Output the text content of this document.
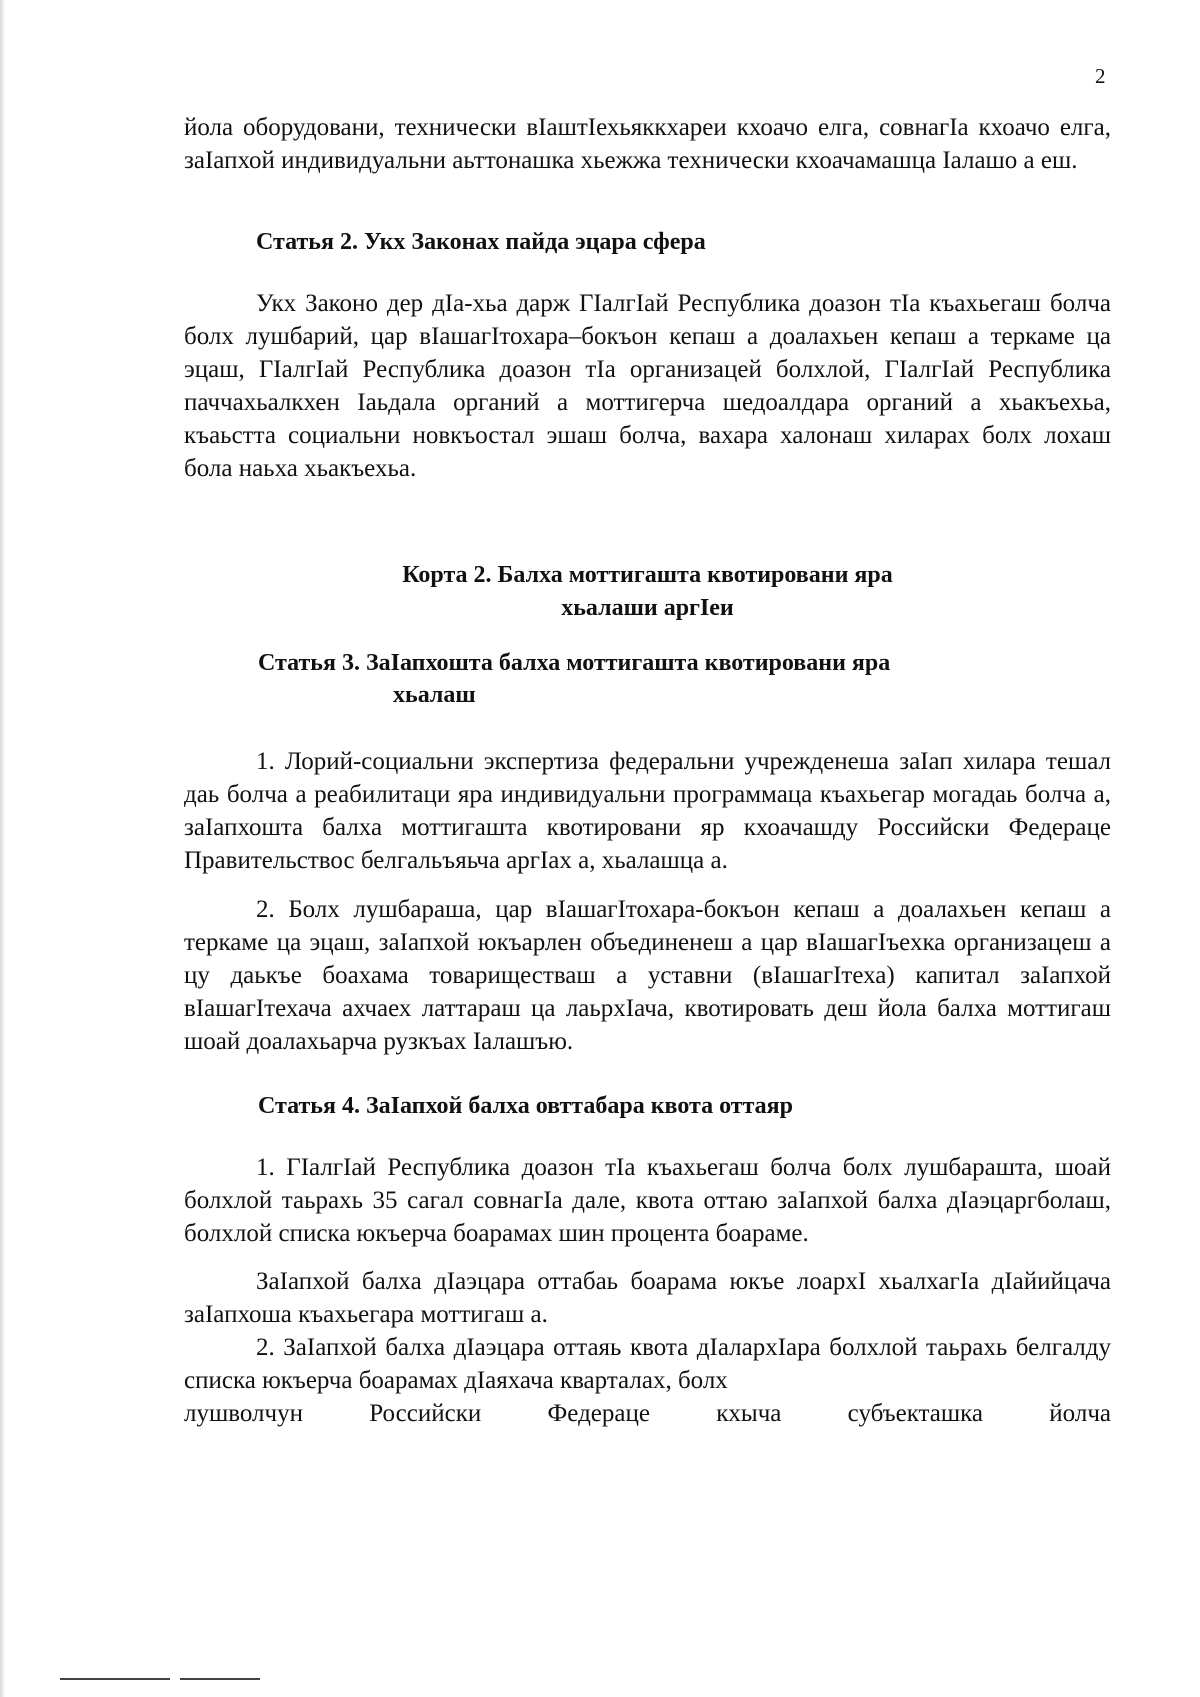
2

йола оборудовани, технически вIаштIехьяккхареи кхоачо елга, совнагIа кхоачо елга, заIапхой индивидуальни аьттонашка хьежжа технически кхоачамашца Iалашо а еш.

Статья 2. Укх Законах пайда эцара сфера

Укх Законо дер дIа-хьа дарж ГIалгIай Республика доазон тIа къахьегаш болча болх лушбарий, цар вIашагIтохара–бокъон кепаш а доалахьен кепаш а теркаме ца эцаш, ГIалгIай Республика доазон тIа организацей болхлой, ГIалгIай Республика паччахьалкхен Iаьдала органий а моттигерча шедоалдара органий а хьакъехьа, къаьстта социальни новкъостал эшаш болча, вахара халонаш хиларах болх лохаш бола наьха хьакъехьа.

Корта 2. Балха моттигашта квотировани яра
хьалаши аргIеи
Статья 3. ЗаIапхошта балха моттигашта квотировани яра
хьалаш

1. Лорий-социальни экспертиза федеральни учрежденеша заIап хилара тешал даь болча а реабилитаци яра индивидуальни программаца къахьегар могадаь болча а, заIапхошта балха моттигашта квотировани яр кхоачашду Российски Федераце Правительствос белгальъяьча аргIах а, хьалашца а.

2. Болх лушбараша, цар вIашагIтохара-бокъон кепаш а доалахьен кепаш а теркаме ца эцаш, заIапхой юкъарлен объединенеш а цар вIашагIъехка организацеш а цу даькъе боахама товариществаш а уставни (вIашагIтеха) капитал заIапхой вIашагIтехача ахчаех латтараш ца лаьрхIача, квотировать деш йола балха моттигаш шоай доалахьарча рузкъах Iалашъю.

Статья 4. ЗаIапхой балха овттабара квота оттаяр

1. ГIалгIай Республика доазон тIа къахьегаш болча болх лушбараштa, шоай болхлой таьрахь 35 сагал совнагIа дале, квота оттаю заIапхой балха дIаэцаргболаш, болхлой списка юкъерча боарамах шин процента боараме.

ЗаIапхой балха дIаэцара оттабаь боарама юкъе лоархI хьалхагIа дIайийцача заIапхоша къахьегара моттигаш а.

2. ЗаIапхой балха дIаэцара оттаяь квота дIалархIара болхлой таьрахь белгалду списка юкъерча боарамах дIаяхача кварталах, болх

лушволчун	Российски	Федераце	кхыча	субъекташка	йолча
